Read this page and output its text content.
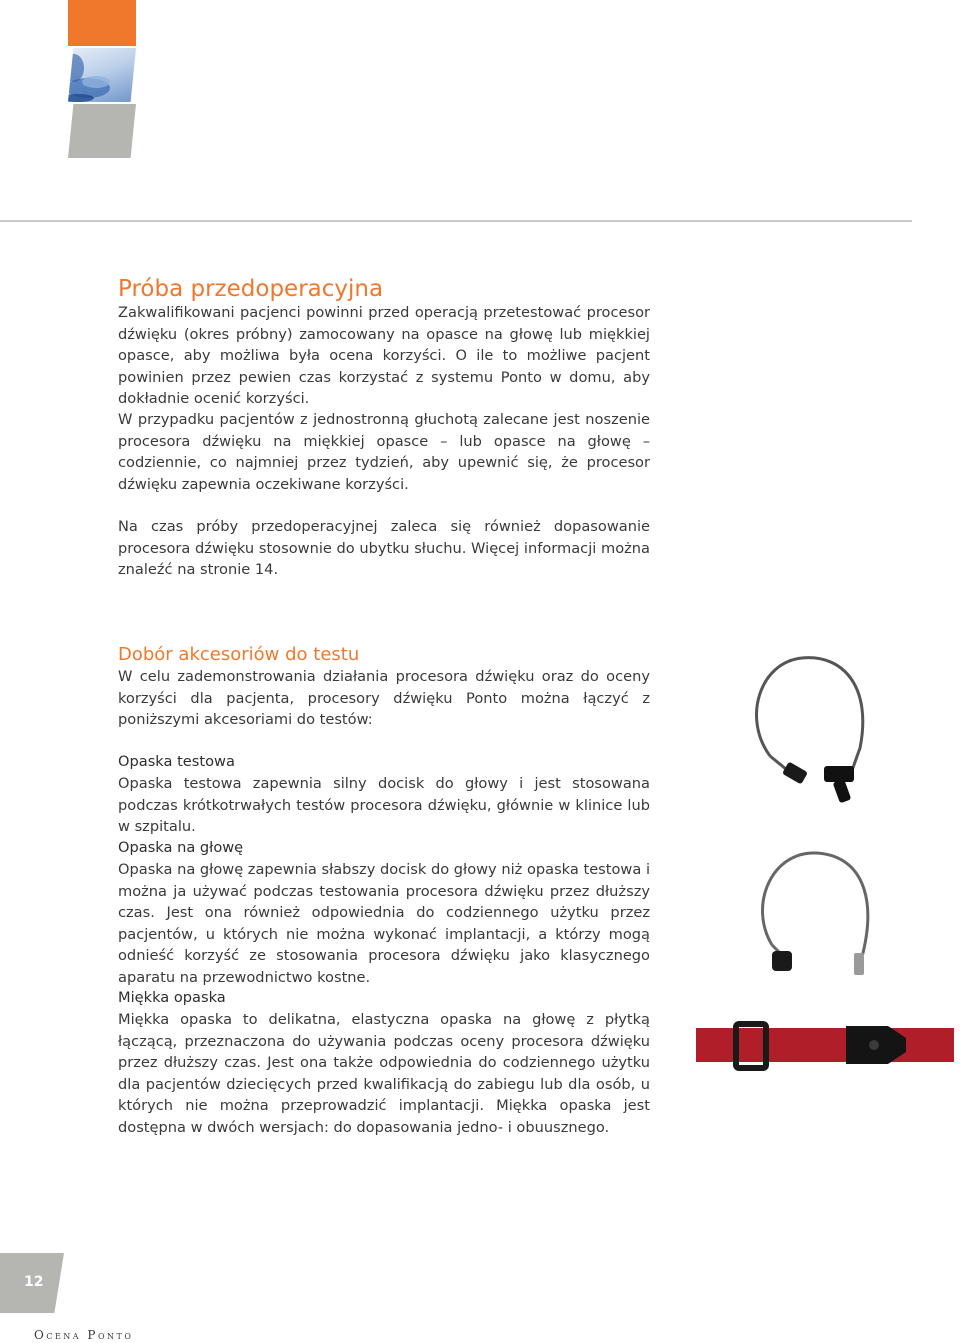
Próba przedoperacyjna

Zakwalifikowani pacjenci powinni przed operacją przetestować procesor dźwięku (okres próbny) zamocowany na opasce na głowę lub miękkiej opasce, aby możliwa była ocena korzyści. O ile to możliwe pacjent powinien przez pewien czas korzystać z systemu Ponto w domu, aby dokładnie ocenić korzyści.

W przypadku pacjentów z jednostronną głuchotą zalecane jest noszenie procesora dźwięku na miękkiej opasce – lub opasce na głowę – codziennie, co najmniej przez tydzień, aby upewnić się, że procesor dźwięku zapewnia oczekiwane korzyści.

Na czas próby przedoperacyjnej zaleca się również dopasowanie procesora dźwięku stosownie do ubytku słuchu. Więcej informacji można znaleźć na stronie 14.

Dobór akcesoriów do testu

W celu zademonstrowania działania procesora dźwięku oraz do oceny korzyści dla pacjenta, procesory dźwięku Ponto można łączyć z poniższymi akcesoriami do testów:

Opaska testowa

Opaska testowa zapewnia silny docisk do głowy i jest stosowana podczas krótkotrwałych testów procesora dźwięku, głównie w klinice lub w szpitalu.

Opaska na głowę

Opaska na głowę zapewnia słabszy docisk do głowy niż opaska testowa i można ja używać podczas testowania procesora dźwięku przez dłuższy czas. Jest ona również odpowiednia do codziennego użytku przez pacjentów, u których nie można wykonać implantacji, a którzy mogą odnieść korzyść ze stosowania procesora dźwięku jako klasycznego aparatu na przewodnictwo kostne.

Miękka opaska

Miękka opaska to delikatna, elastyczna opaska na głowę z płytką łączącą, przeznaczona do używania podczas oceny procesora dźwięku przez dłuższy czas. Jest ona także odpowiednia do codziennego użytku dla pacjentów dziecięcych przed kwalifikacją do zabiegu lub dla osób, u których nie można przeprowadzić implantacji. Miękka opaska jest dostępna w dwóch wersjach: do dopasowania jedno- i obuusznego.

12
Ocena Ponto
